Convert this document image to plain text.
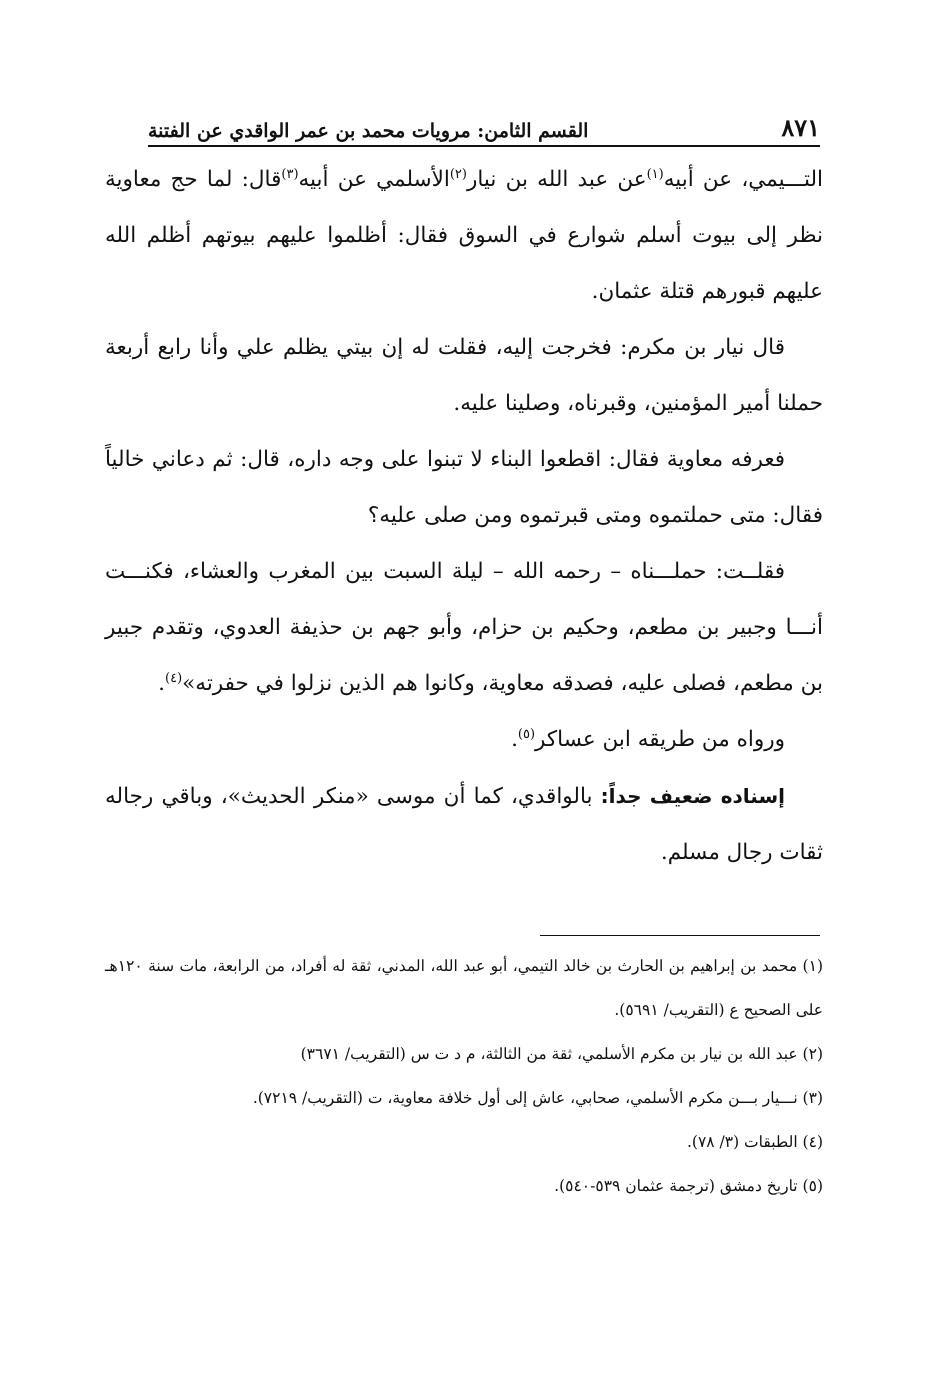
٨٧١
القسم الثامن: مرويات محمد بن عمر الواقدي عن الفتنة

التـــيمي، عن أبيه$^{(١)}$عن عبد الله بن نيار$^{(٢)}$الأسلمي عن أبيه$^{(٣)}$قال: لما حج معاوية نظر إلى بيوت أسلم شوارع في السوق فقال: أظلموا عليهم بيوتهم أظلم الله عليهم قبورهم قتلة عثمان.

قال نيار بن مكرم: فخرجت إليه، فقلت له إن بيتي يظلم علي وأنا رابع أربعة حملنا أمير المؤمنين، وقبرناه، وصلينا عليه.

فعرفه معاوية فقال: اقطعوا البناء لا تبنوا على وجه داره، قال: ثم دعاني خالياً فقال: متى حملتموه ومتى قبرتموه ومن صلى عليه؟

فقلــت: حملـــناه – رحمه الله – ليلة السبت بين المغرب والعشاء، فكنـــت أنـــا وجبير بن مطعم، وحكيم بن حزام، وأبو جهم بن حذيفة العدوي، وتقدم جبير بن مطعم، فصلى عليه، فصدقه معاوية، وكانوا هم الذين نزلوا في حفرته»$^{(٤)}$.

ورواه من طريقه ابن عساكر$^{(٥)}$.

إسناده ضعيف جداً: بالواقدي، كما أن موسى «منكر الحديث»، وباقي رجاله ثقات رجال مسلم.

(١) محمد بن إبراهيم بن الحارث بن خالد التيمي، أبو عبد الله، المدني، ثقة له أفراد، من الرابعة، مات سنة ١٢٠هـ على الصحيح ع (التقريب/ ٥٦٩١).

(٢) عبد الله بن نيار بن مكرم الأسلمي، ثقة من الثالثة، م د ت س (التقريب/ ٣٦٧١)

(٣) نـــيار بـــن مكرم الأسلمي، صحابي، عاش إلى أول خلافة معاوية، ت (التقريب/ ٧٢١٩).

(٤) الطبقات (٣/ ٧٨).

(٥) تاريخ دمشق (ترجمة عثمان ٥٣٩-٥٤٠).
